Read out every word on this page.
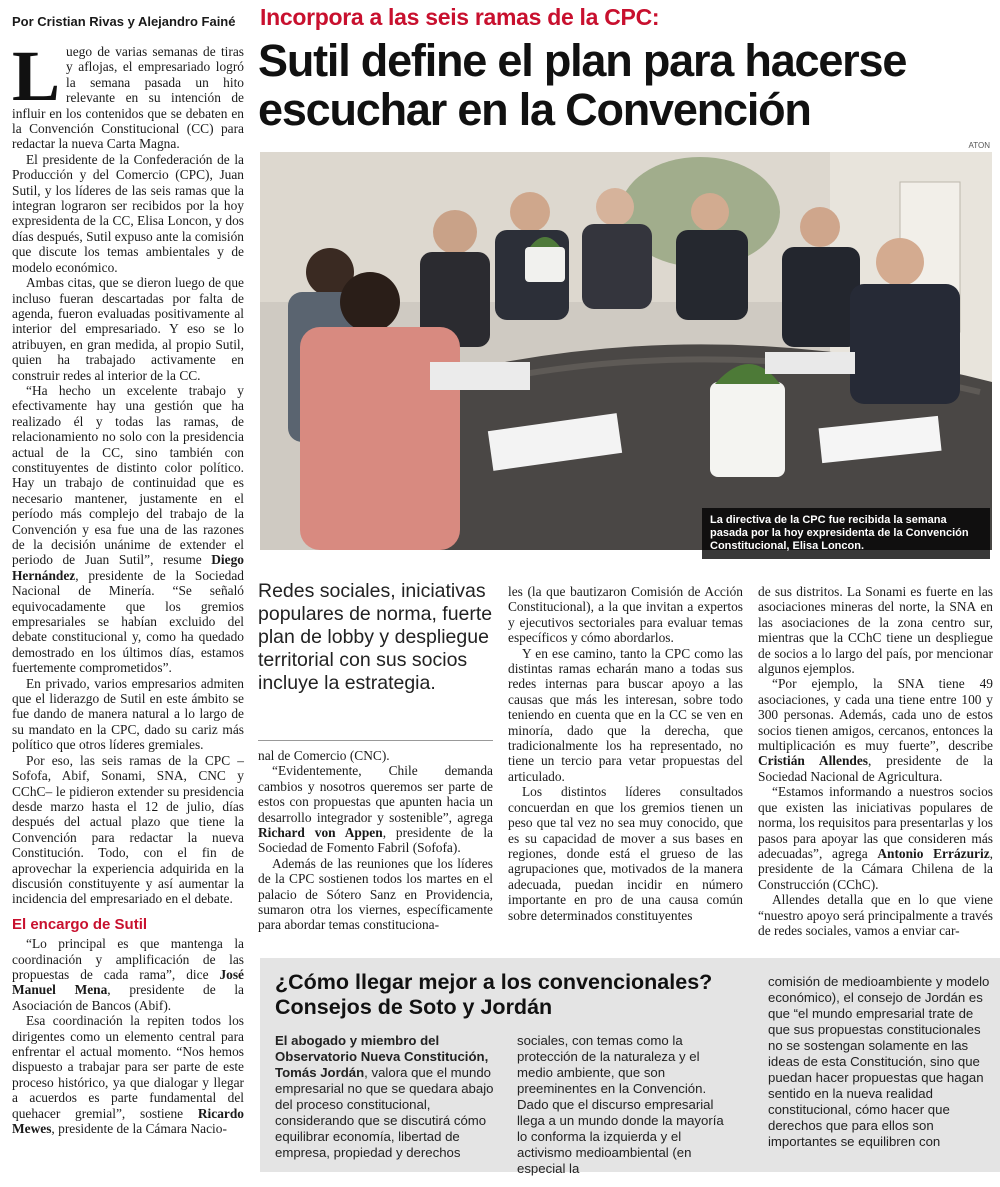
Por Cristian Rivas y Alejandro Fainé Incorpora a las seis ramas de la CPC:
Sutil define el plan para hacerse escuchar en la Convención
ATON
La directiva de la CPC fue recibida la semana pasada por la hoy expresidenta de la Convención Constitucional, Elisa Loncon.

Luego de varias semanas de tiras y aflojas, el empresariado logró la semana pasada un hito relevante en su intención de influir en los contenidos que se debaten en la Convención Constitucional (CC) para redactar la nueva Carta Magna.

El presidente de la Confederación de la Producción y del Comercio (CPC), Juan Sutil, y los líderes de las seis ramas que la integran lograron ser recibidos por la hoy expresidenta de la CC, Elisa Loncon, y dos días después, Sutil expuso ante la comisión que discute los temas ambientales y de modelo económico.

Ambas citas, que se dieron luego de que incluso fueran descartadas por falta de agenda, fueron evaluadas positivamente al interior del empresariado. Y eso se lo atribuyen, en gran medida, al propio Sutil, quien ha trabajado activamente en construir redes al interior de la CC.

“Ha hecho un excelente trabajo y efectivamente hay una gestión que ha realizado él y todas las ramas, de relacionamiento no solo con la presidencia actual de la CC, sino también con constituyentes de distinto color político. Hay un trabajo de continuidad que es necesario mantener, justamente en el período más complejo del trabajo de la Convención y esa fue una de las razones de la decisión unánime de extender el periodo de Juan Sutil”, resume Diego Hernández, presidente de la Sociedad Nacional de Minería. “Se señaló equivocadamente que los gremios empresariales se habían excluido del debate constitucional y, como ha quedado demostrado en los últimos días, estamos fuertemente comprometidos”.

En privado, varios empresarios admiten que el liderazgo de Sutil en este ámbito se fue dando de manera natural a lo largo de su mandato en la CPC, dado su cariz más político que otros líderes gremiales.

Por eso, las seis ramas de la CPC –Sofofa, Abif, Sonami, SNA, CNC y CChC– le pidieron extender su presidencia desde marzo hasta el 12 de julio, días después del actual plazo que tiene la Convención para redactar la nueva Constitución. Todo, con el fin de aprovechar la experiencia adquirida en la discusión constituyente y así aumentar la incidencia del empresariado en el debate.

El encargo de Sutil

“Lo principal es que mantenga la coordinación y amplificación de las propuestas de cada rama”, dice José Manuel Mena, presidente de la Asociación de Bancos (Abif).

Esa coordinación la repiten todos los dirigentes como un elemento central para enfrentar el actual momento. “Nos hemos dispuesto a trabajar para ser parte de este proceso histórico, ya que dialogar y llegar a acuerdos es parte fundamental del quehacer gremial”, sostiene Ricardo Mewes, presidente de la Cámara Nacio-

Redes sociales, iniciativas populares de norma, fuerte plan de lobby y despliegue territorial con sus socios incluye la estrategia.

nal de Comercio (CNC).

“Evidentemente, Chile demanda cambios y nosotros queremos ser parte de estos con propuestas que apunten hacia un desarrollo integrador y sostenible”, agrega Richard von Appen, presidente de la Sociedad de Fomento Fabril (Sofofa).

Además de las reuniones que los líderes de la CPC sostienen todos los martes en el palacio de Sótero Sanz en Providencia, sumaron otra los viernes, específicamente para abordar temas constituciona-

les (la que bautizaron Comisión de Acción Constitucional), a la que invitan a expertos y ejecutivos sectoriales para evaluar temas específicos y cómo abordarlos.

Y en ese camino, tanto la CPC como las distintas ramas echarán mano a todas sus redes internas para buscar apoyo a las causas que más les interesan, sobre todo teniendo en cuenta que en la CC se ven en minoría, dado que la derecha, que tradicionalmente los ha representado, no tiene un tercio para vetar propuestas del articulado.

Los distintos líderes consultados concuerdan en que los gremios tienen un peso que tal vez no sea muy conocido, que es su capacidad de mover a sus bases en regiones, donde está el grueso de las agrupaciones que, motivados de la manera adecuada, puedan incidir en número importante en pro de una causa común sobre determinados constituyentes

de sus distritos. La Sonami es fuerte en las asociaciones mineras del norte, la SNA en las asociaciones de la zona centro sur, mientras que la CChC tiene un despliegue de socios a lo largo del país, por mencionar algunos ejemplos.

“Por ejemplo, la SNA tiene 49 asociaciones, y cada una tiene entre 100 y 300 personas. Además, cada uno de estos socios tienen amigos, cercanos, entonces la multiplicación es muy fuerte”, describe Cristián Allendes, presidente de la Sociedad Nacional de Agricultura.

“Estamos informando a nuestros socios que existen las iniciativas populares de norma, los requisitos para presentarlas y los pasos para apoyar las que consideren más adecuadas”, agrega Antonio Errázuriz, presidente de la Cámara Chilena de la Construcción (CChC).

Allendes detalla que en lo que viene “nuestro apoyo será principalmente a través de redes sociales, vamos a enviar car-

¿Cómo llegar mejor a los convencionales? Consejos de Soto y Jordán

El abogado y miembro del Observatorio Nueva Constitución, Tomás Jordán, valora que el mundo empresarial no que se quedara abajo del proceso constitucional, considerando que se discutirá cómo equilibrar economía, libertad de empresa, propiedad y derechos

sociales, con temas como la protección de la naturaleza y el medio ambiente, que son preeminentes en la Convención.
Dado que el discurso empresarial llega a un mundo donde la mayoría lo conforma la izquierda y el activismo medioambiental (en especial la

comisión de medioambiente y modelo económico), el consejo de Jordán es que “el mundo empresarial trate de que sus propuestas constitucionales no se sostengan solamente en las ideas de esta Constitución, sino que puedan hacer propuestas que hagan sentido en la nueva realidad constitucional, cómo hacer que derechos que para ellos son importantes se equilibren con
